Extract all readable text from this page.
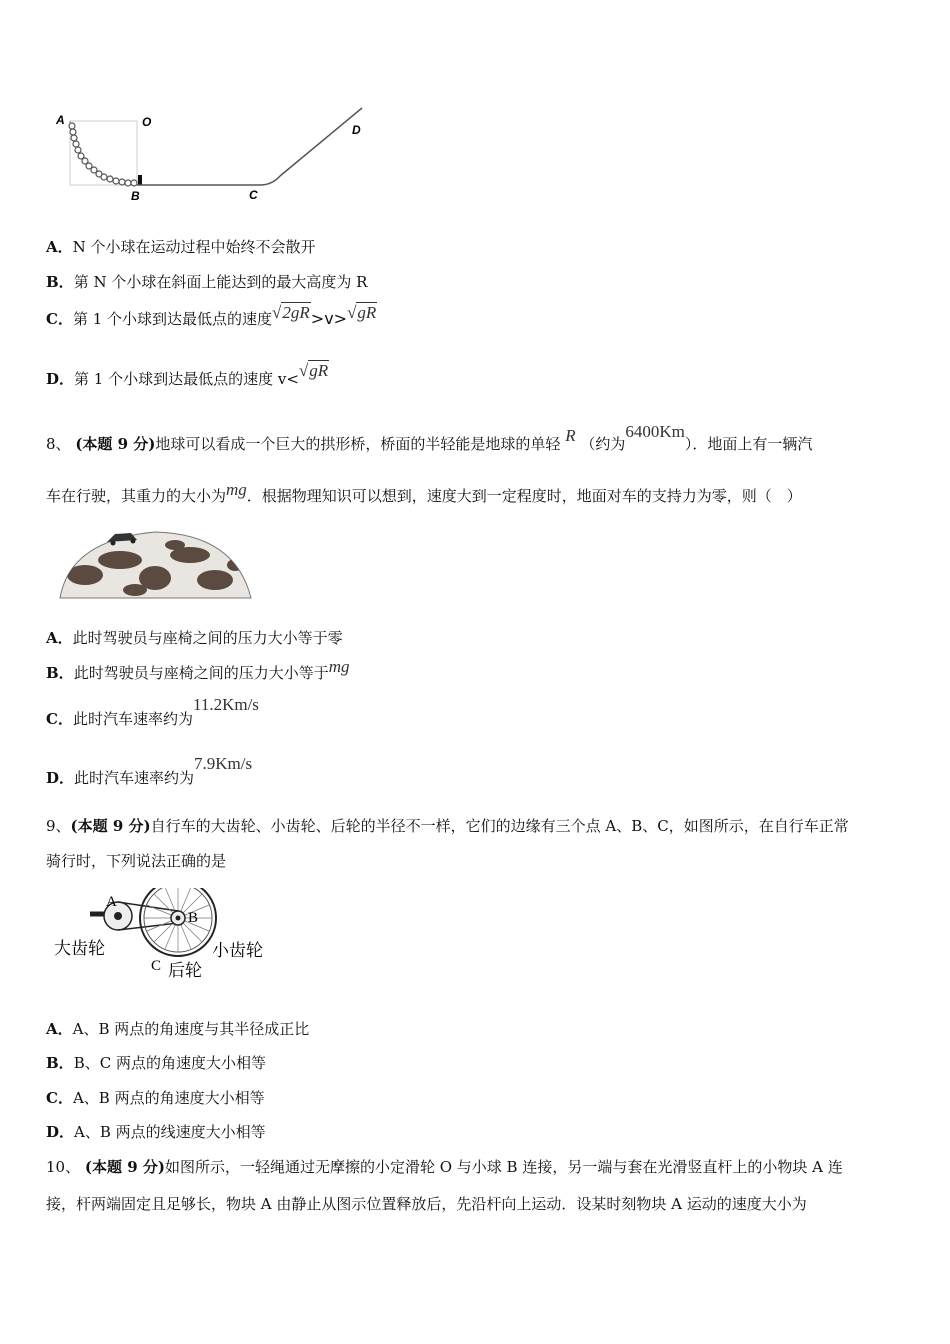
A	O
B	C
D
A．N 个小球在运动过程中始终不会散开
B．第 N 个小球在斜面上能达到的最大高度为 R
C．第 1 个小球到达最低点的速度√2gR>v>√gR
D．第 1 个小球到达最低点的速度 v<√gR
8、 (本题 9 分)地球可以看成一个巨大的拱形桥，桥面的半轻能是地球的单轻 R （约为6400Km）．地面上有一辆汽
车在行驶，其重力的大小为mg．根据物理知识可以想到，速度大到一定程度时，地面对车的支持力为零，则（　）
A．此时驾驶员与座椅之间的压力大小等于零
B．此时驾驶员与座椅之间的压力大小等于mg
C．此时汽车速率约为11.2Km/s
D．此时汽车速率约为7.9Km/s
9、(本题 9 分)自行车的大齿轮、小齿轮、后轮的半径不一样，它们的边缘有三个点 A、B、C，如图所示，在自行车正常
骑行时，下列说法正确的是
A
B
C
大齿轮	小齿轮
后轮
A．A、B 两点的角速度与其半径成正比
B．B、C 两点的角速度大小相等
C．A、B 两点的角速度大小相等
D．A、B 两点的线速度大小相等
10、 (本题 9 分)如图所示，一轻绳通过无摩擦的小定滑轮 O 与小球 B 连接，另一端与套在光滑竖直杆上的小物块 A 连
接，杆两端固定且足够长，物块 A 由静止从图示位置释放后，先沿杆向上运动．设某时刻物块 A 运动的速度大小为
